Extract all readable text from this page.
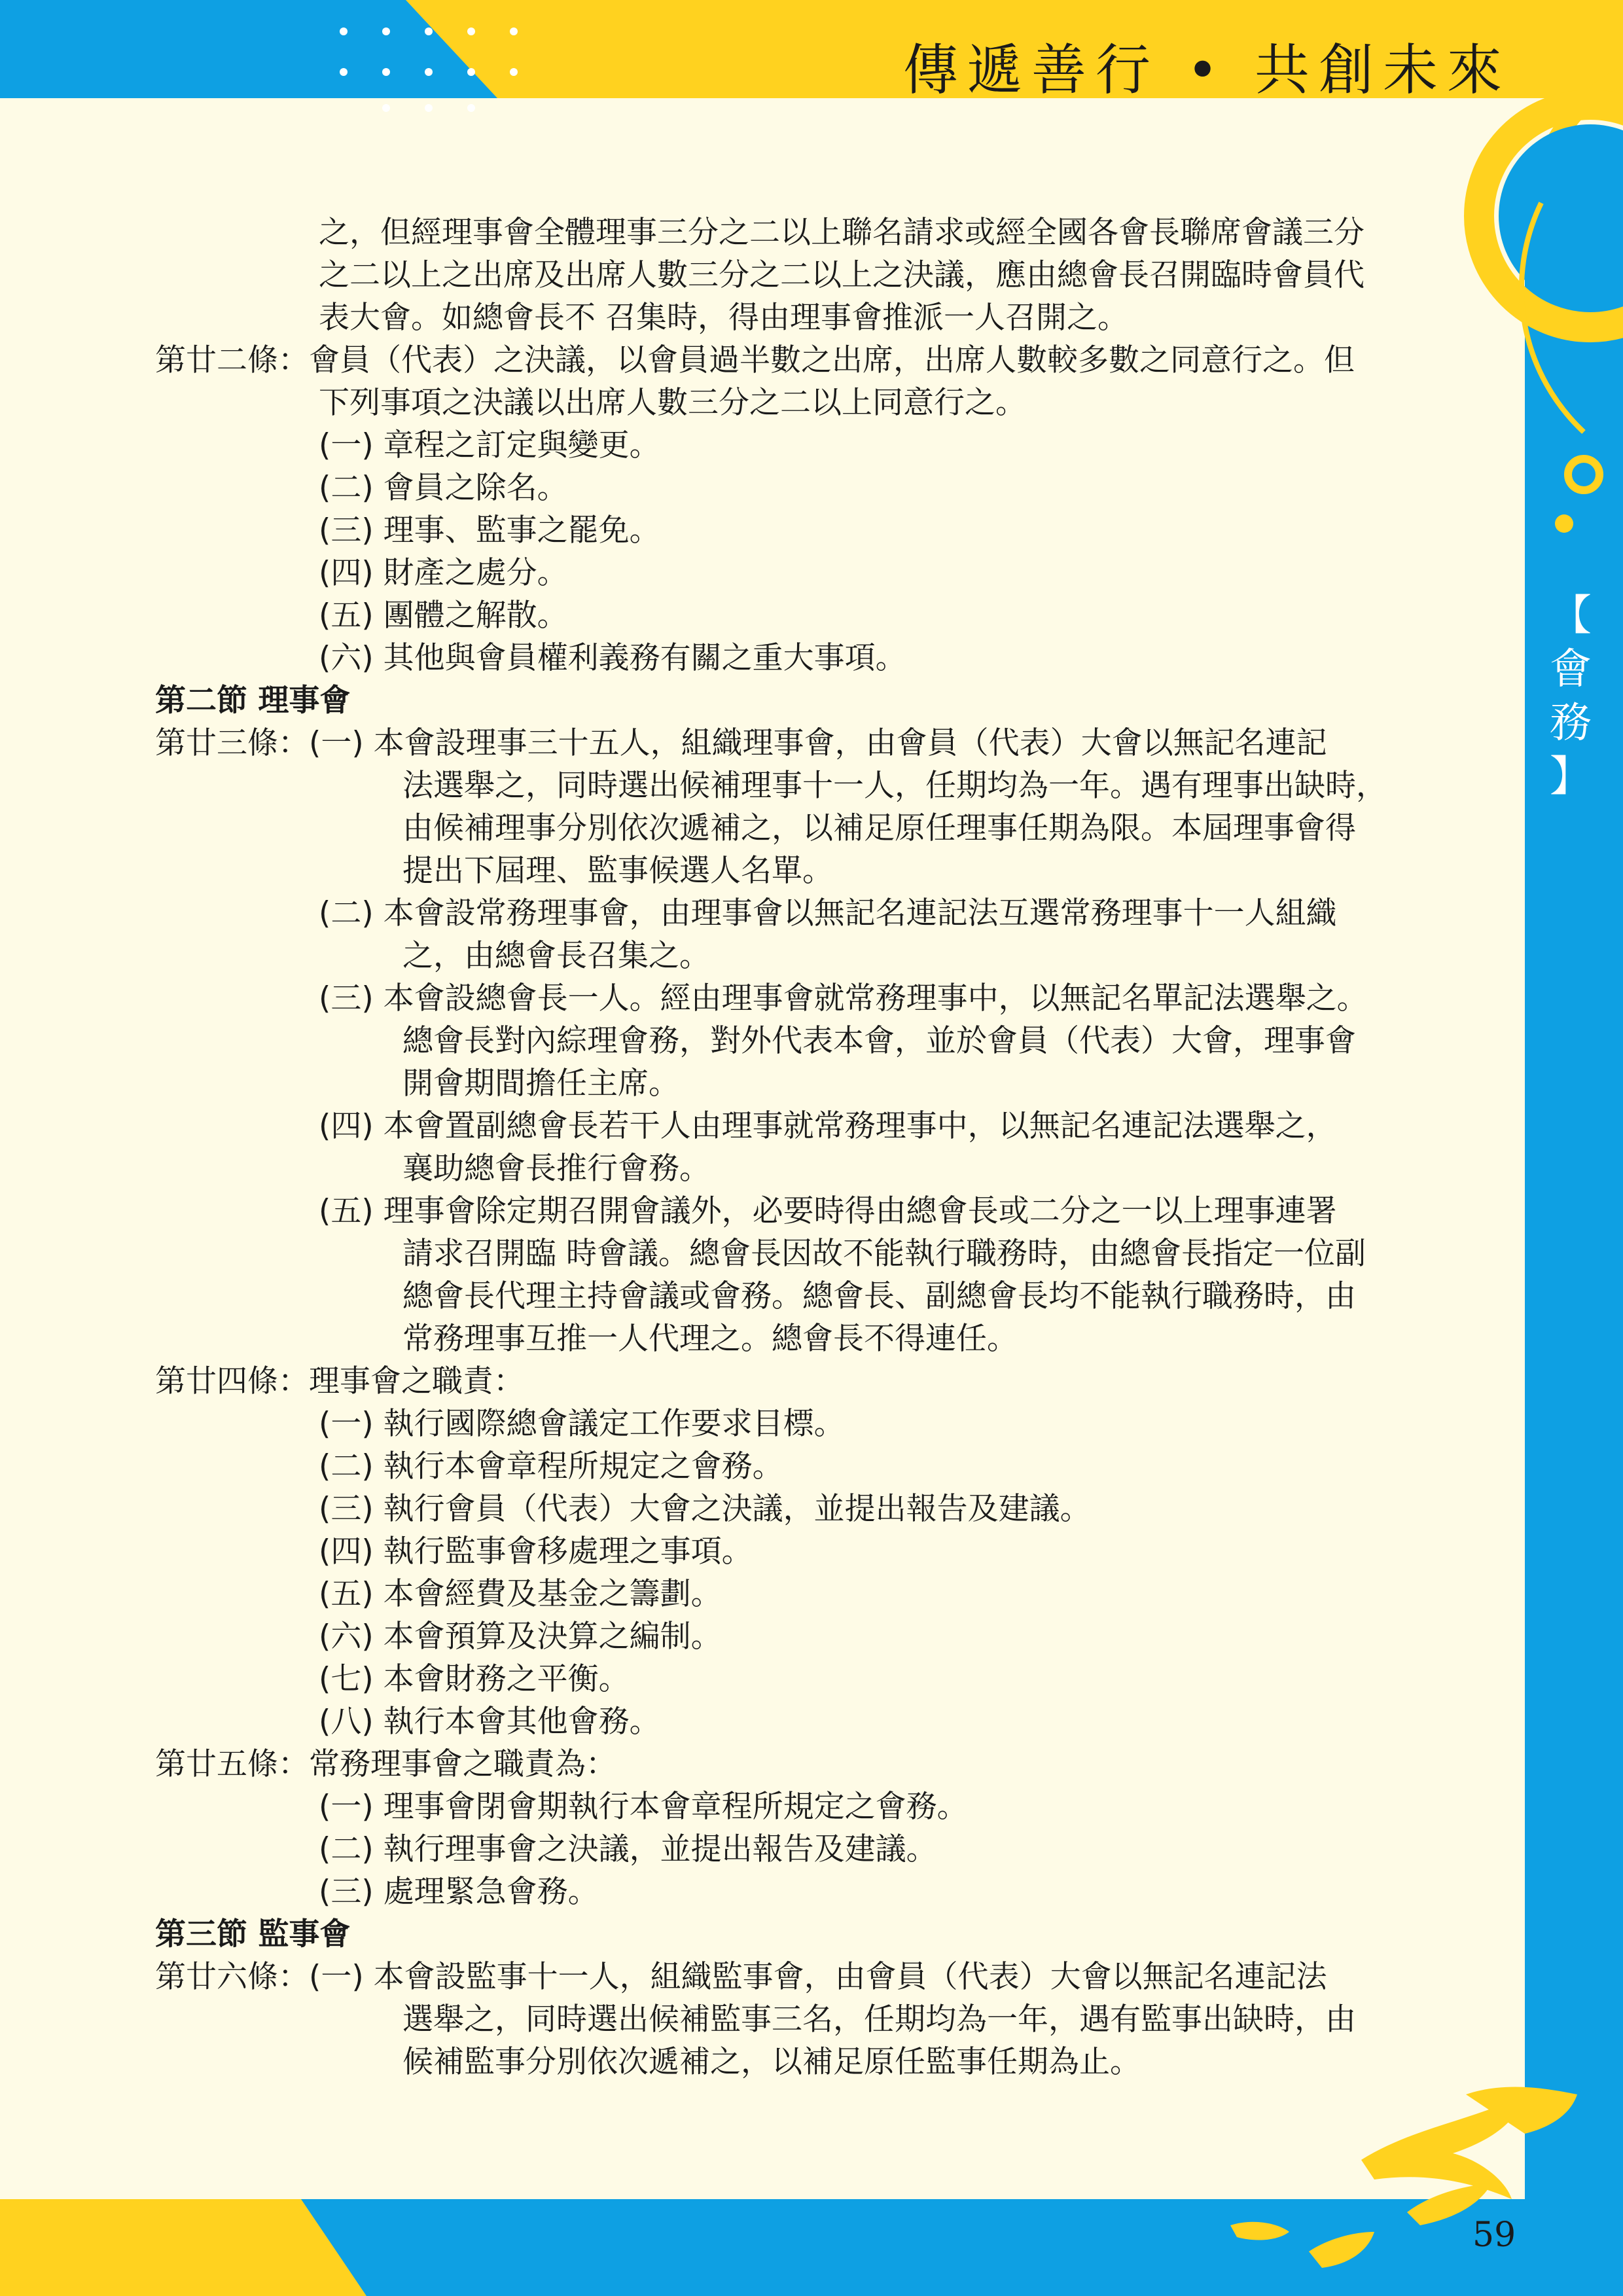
傳遞善行 • 共創未來
【
會
務
】
之，但經理事會全體理事三分之二以上聯名請求或經全國各會長聯席會議三分
之二以上之出席及出席人數三分之二以上之決議，應由總會長召開臨時會員代
表大會。如總會長不 召集時，得由理事會推派一人召開之。
第廿二條：會員（代表）之決議，以會員過半數之出席，出席人數較多數之同意行之。但
下列事項之決議以出席人數三分之二以上同意行之。
(一) 章程之訂定與變更。
(二) 會員之除名。
(三) 理事、監事之罷免。
(四) 財產之處分。
(五) 團體之解散。
(六) 其他與會員權利義務有關之重大事項。
第二節 理事會
第廿三條：(一) 本會設理事三十五人，組織理事會，由會員（代表）大會以無記名連記
法選舉之，同時選出候補理事十一人，任期均為一年。遇有理事出缺時，
由候補理事分別依次遞補之，以補足原任理事任期為限。本屆理事會得
提出下屆理、監事候選人名單。
(二) 本會設常務理事會，由理事會以無記名連記法互選常務理事十一人組織
之，由總會長召集之。
(三) 本會設總會長一人。經由理事會就常務理事中，以無記名單記法選舉之。
總會長對內綜理會務，對外代表本會，並於會員（代表）大會，理事會
開會期間擔任主席。
(四) 本會置副總會長若干人由理事就常務理事中，以無記名連記法選舉之，
襄助總會長推行會務。
(五) 理事會除定期召開會議外，必要時得由總會長或二分之一以上理事連署
請求召開臨 時會議。總會長因故不能執行職務時，由總會長指定一位副
總會長代理主持會議或會務。總會長、副總會長均不能執行職務時，由
常務理事互推一人代理之。總會長不得連任。
第廿四條：理事會之職責：
(一) 執行國際總會議定工作要求目標。
(二) 執行本會章程所規定之會務。
(三) 執行會員（代表）大會之決議，並提出報告及建議。
(四) 執行監事會移處理之事項。
(五) 本會經費及基金之籌劃。
(六) 本會預算及決算之編制。
(七) 本會財務之平衡。
(八) 執行本會其他會務。
第廿五條：常務理事會之職責為：
(一) 理事會閉會期執行本會章程所規定之會務。
(二) 執行理事會之決議，並提出報告及建議。
(三) 處理緊急會務。
第三節 監事會
第廿六條：(一) 本會設監事十一人，組織監事會，由會員（代表）大會以無記名連記法
選舉之，同時選出候補監事三名，任期均為一年，遇有監事出缺時，由
候補監事分別依次遞補之，以補足原任監事任期為止。
59
